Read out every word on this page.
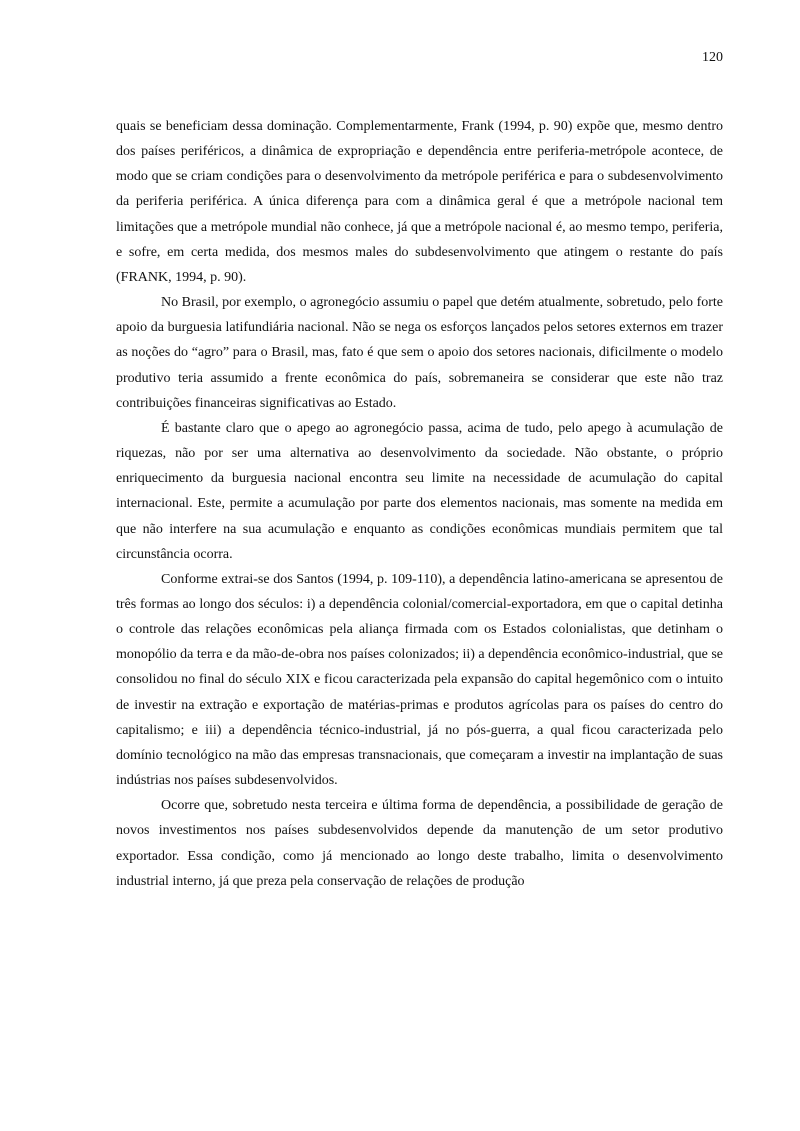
120

quais se beneficiam dessa dominação. Complementarmente, Frank (1994, p. 90) expõe que, mesmo dentro dos países periféricos, a dinâmica de expropriação e dependência entre periferia-metrópole acontece, de modo que se criam condições para o desenvolvimento da metrópole periférica e para o subdesenvolvimento da periferia periférica. A única diferença para com a dinâmica geral é que a metrópole nacional tem limitações que a metrópole mundial não conhece, já que a metrópole nacional é, ao mesmo tempo, periferia, e sofre, em certa medida, dos mesmos males do subdesenvolvimento que atingem o restante do país (FRANK, 1994, p. 90).

No Brasil, por exemplo, o agronegócio assumiu o papel que detém atualmente, sobretudo, pelo forte apoio da burguesia latifundiária nacional. Não se nega os esforços lançados pelos setores externos em trazer as noções do “agro” para o Brasil, mas, fato é que sem o apoio dos setores nacionais, dificilmente o modelo produtivo teria assumido a frente econômica do país, sobremaneira se considerar que este não traz contribuições financeiras significativas ao Estado.

É bastante claro que o apego ao agronegócio passa, acima de tudo, pelo apego à acumulação de riquezas, não por ser uma alternativa ao desenvolvimento da sociedade. Não obstante, o próprio enriquecimento da burguesia nacional encontra seu limite na necessidade de acumulação do capital internacional. Este, permite a acumulação por parte dos elementos nacionais, mas somente na medida em que não interfere na sua acumulação e enquanto as condições econômicas mundiais permitem que tal circunstância ocorra.

Conforme extrai-se dos Santos (1994, p. 109-110), a dependência latino-americana se apresentou de três formas ao longo dos séculos: i) a dependência colonial/comercial-exportadora, em que o capital detinha o controle das relações econômicas pela aliança firmada com os Estados colonialistas, que detinham o monopólio da terra e da mão-de-obra nos países colonizados; ii) a dependência econômico-industrial, que se consolidou no final do século XIX e ficou caracterizada pela expansão do capital hegemônico com o intuito de investir na extração e exportação de matérias-primas e produtos agrícolas para os países do centro do capitalismo; e iii) a dependência técnico-industrial, já no pós-guerra, a qual ficou caracterizada pelo domínio tecnológico na mão das empresas transnacionais, que começaram a investir na implantação de suas indústrias nos países subdesenvolvidos.

Ocorre que, sobretudo nesta terceira e última forma de dependência, a possibilidade de geração de novos investimentos nos países subdesenvolvidos depende da manutenção de um setor produtivo exportador. Essa condição, como já mencionado ao longo deste trabalho, limita o desenvolvimento industrial interno, já que preza pela conservação de relações de produção
